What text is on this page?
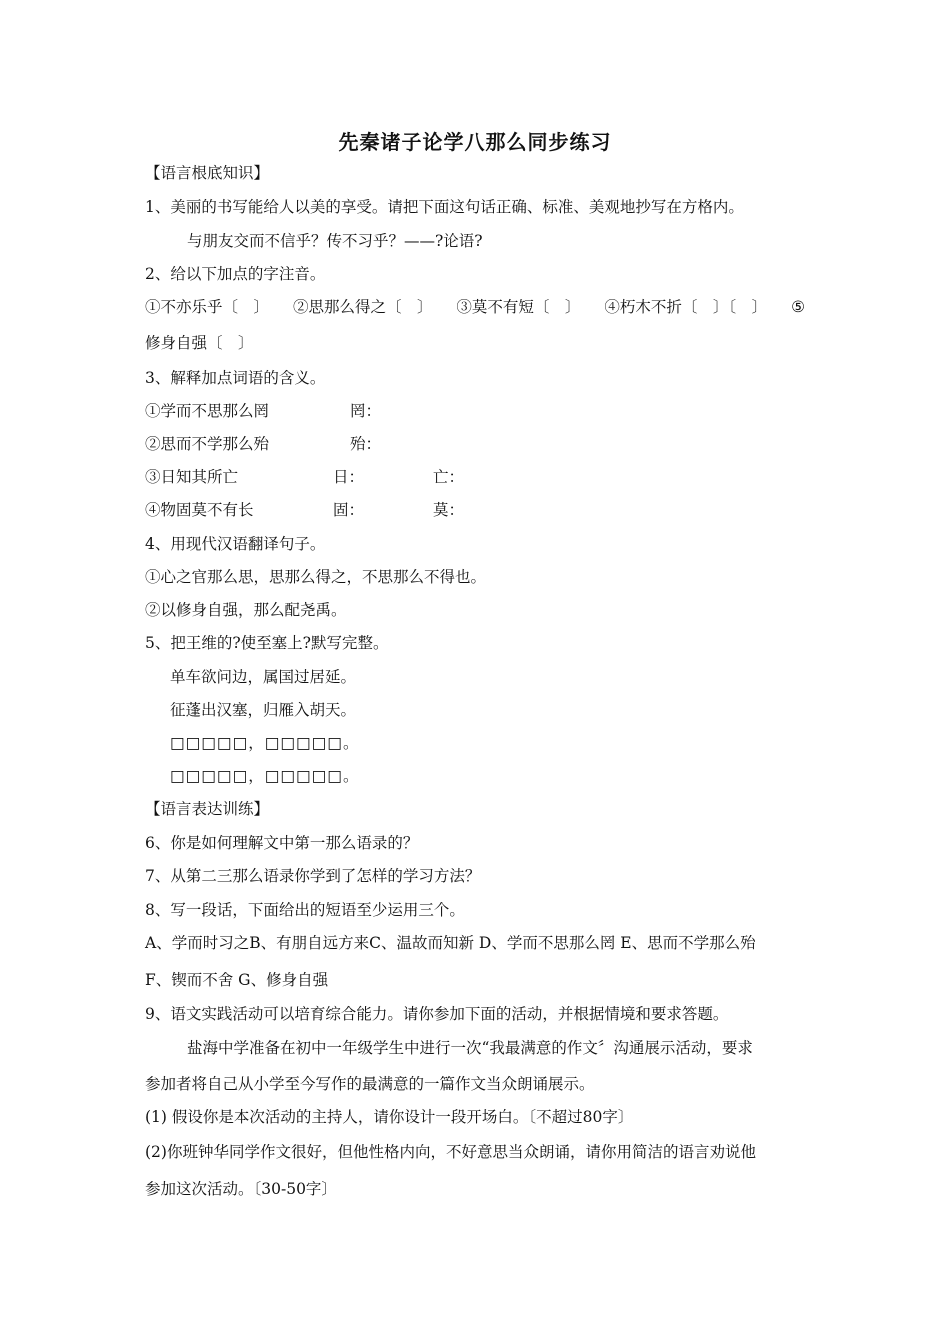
先秦诸子论学八那么同步练习
【语言根底知识】
1、美丽的书写能给人以美的享受。请把下面这句话正确、标准、美观地抄写在方格内。
与朋友交而不信乎？传不习乎？——?论语?
2、给以下加点的字注音。
①不亦乐乎〔　〕 ②思那么得之〔　〕 ③莫不有短〔　〕 ④朽木不折〔　〕〔　〕 ⑤
修身自强〔　〕
3、解释加点词语的含义。
①学而不思那么罔	罔：
②思而不学那么殆	殆：
③日知其所亡	日：	亡：
④物固莫不有长	固：	莫：
4、用现代汉语翻译句子。
①心之官那么思，思那么得之，不思那么不得也。
②以修身自强，那么配尧禹。
5、把王维的?使至塞上?默写完整。
单车欲问边，属国过居延。
征蓬出汉塞，归雁入胡天。
□□□□□，□□□□□。
□□□□□，□□□□□。
【语言表达训练】
6、你是如何理解文中第一那么语录的？
7、从第二三那么语录你学到了怎样的学习方法？
8、写一段话，下面给出的短语至少运用三个。
A、学而时习之B、有朋自远方来C、温故而知新 D、学而不思那么罔 E、思而不学那么殆
F、锲而不舍 G、修身自强
9、语文实践活动可以培育综合能力。请你参加下面的活动，并根据情境和要求答题。
盐海中学准备在初中一年级学生中进行一次“我最满意的作文〞沟通展示活动，要求
参加者将自己从小学至今写作的最满意的一篇作文当众朗诵展示。
(1) 假设你是本次活动的主持人，请你设计一段开场白。〔不超过80字〕
(2)你班钟华同学作文很好，但他性格内向，不好意思当众朗诵，请你用简洁的语言劝说他
参加这次活动。〔30-50字〕
